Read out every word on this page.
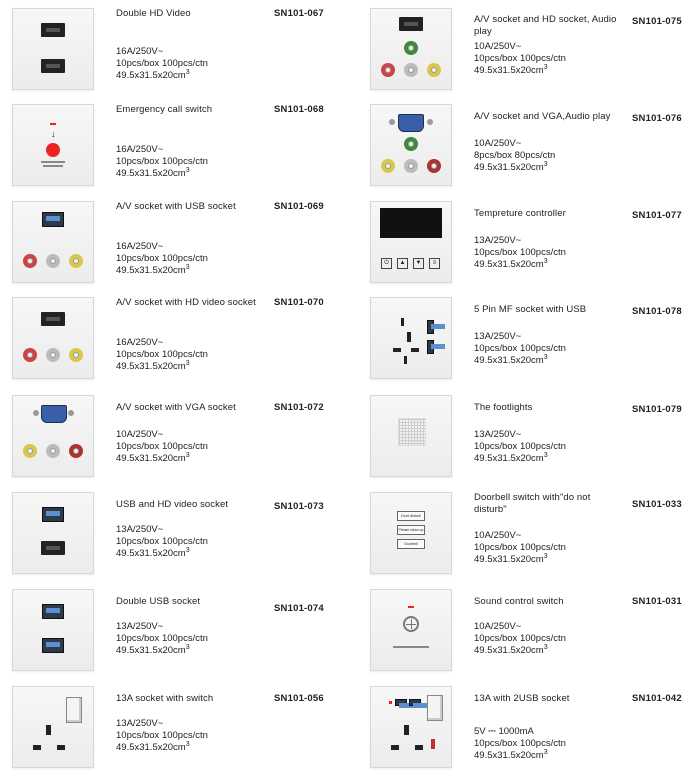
Double HD Video	SN101-067
16A/250V~
10pcs/box 100pcs/ctn
$49.5x31.5x20cm^3$
↓
Emergency call switch	SN101-068
16A/250V~
10pcs/box 100pcs/ctn
$49.5x31.5x20cm^3$
A/V socket with USB socket	SN101-069
16A/250V~
10pcs/box 100pcs/ctn
$49.5x31.5x20cm^3$
A/V socket with HD video socket	SN101-070
16A/250V~
10pcs/box 100pcs/ctn
$49.5x31.5x20cm^3$
A/V socket with VGA socket	SN101-072
10A/250V~
10pcs/box 100pcs/ctn
$49.5x31.5x20cm^3$
USB and HD video socket	SN101-073
13A/250V~
10pcs/box 100pcs/ctn
$49.5x31.5x20cm^3$
Double USB socket
SN101-074
13A/250V~
10pcs/box 100pcs/ctn
$49.5x31.5x20cm^3$
13A socket with switch	SN101-056
13A/250V~
10pcs/box 100pcs/ctn
$49.5x31.5x20cm^3$
A/V socket and HD socket, Audio play
SN101-075
10A/250V~
10pcs/box 100pcs/ctn
$49.5x31.5x20cm^3$
A/V socket and VGA,Audio play	SN101-076
10A/250V~
8pcs/box 80pcs/ctn
$49.5x31.5x20cm^3$
⏻	▲	▼	≡
Tempreture controller	SN101-077
13A/250V~
10pcs/box 100pcs/ctn
$49.5x31.5x20cm^3$
5 Pin MF socket with USB	SN101-078
13A/250V~
10pcs/box 100pcs/ctn
$49.5x31.5x20cm^3$
The footlights	SN101-079
13A/250V~
10pcs/box 100pcs/ctn
$49.5x31.5x20cm^3$
Don't disturb
Please clean up
Doorbell
Doorbell switch with"do not disturb"	SN101-033
10A/250V~
10pcs/box 100pcs/ctn
$49.5x31.5x20cm^3$
Sound control switch	SN101-031
10A/250V~
10pcs/box 100pcs/ctn
$49.5x31.5x20cm^3$
13A with 2USB socket	SN101-042
5V ⎓ 1000mA
10pcs/box 100pcs/ctn
$49.5x31.5x20cm^3$
